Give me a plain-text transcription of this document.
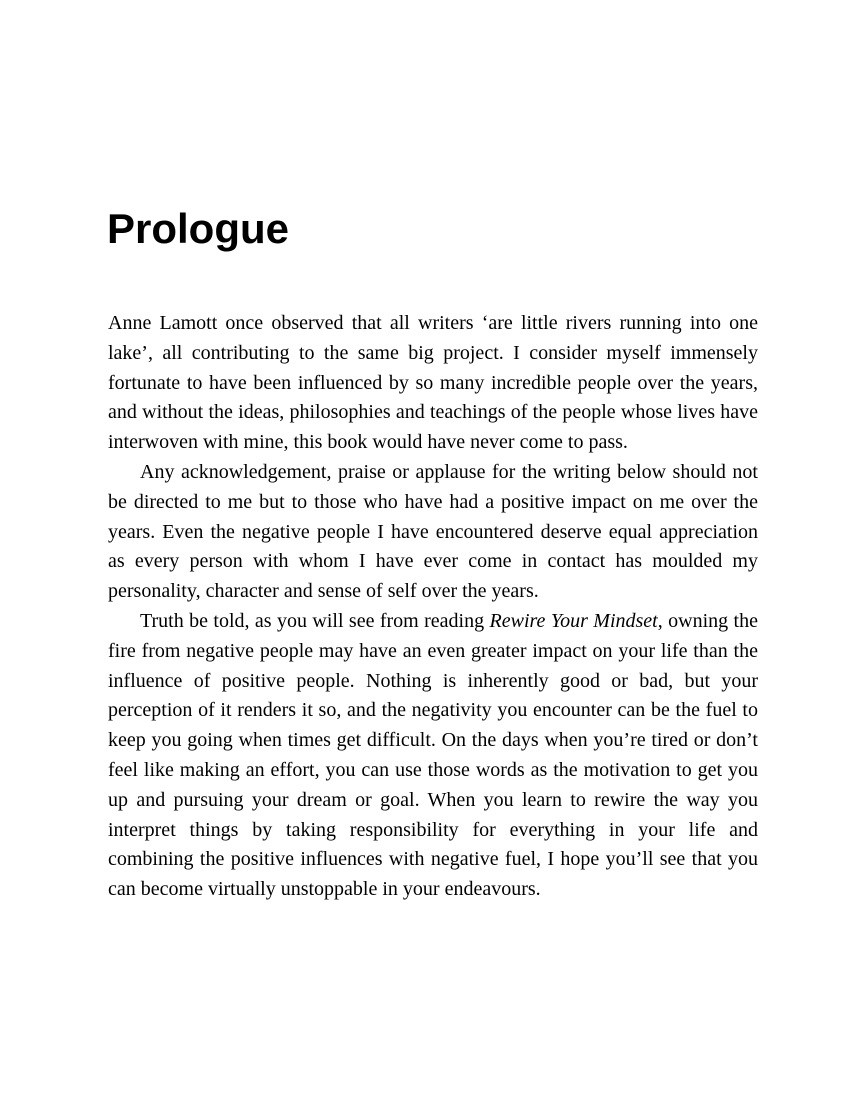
Prologue

Anne Lamott once observed that all writers ‘are little rivers running into one lake’, all contributing to the same big project. I consider myself immensely fortunate to have been influenced by so many incredible people over the years, and without the ideas, philosophies and teachings of the people whose lives have interwoven with mine, this book would have never come to pass.

Any acknowledgement, praise or applause for the writing below should not be directed to me but to those who have had a positive impact on me over the years. Even the negative people I have encountered deserve equal appreciation as every person with whom I have ever come in contact has moulded my personality, character and sense of self over the years.

Truth be told, as you will see from reading Rewire Your Mindset, owning the fire from negative people may have an even greater impact on your life than the influence of positive people. Nothing is inherently good or bad, but your perception of it renders it so, and the negativity you encounter can be the fuel to keep you going when times get difficult. On the days when you’re tired or don’t feel like making an effort, you can use those words as the motivation to get you up and pursuing your dream or goal. When you learn to rewire the way you interpret things by taking responsibility for everything in your life and combining the positive influences with negative fuel, I hope you’ll see that you can become virtually unstoppable in your endeavours.
